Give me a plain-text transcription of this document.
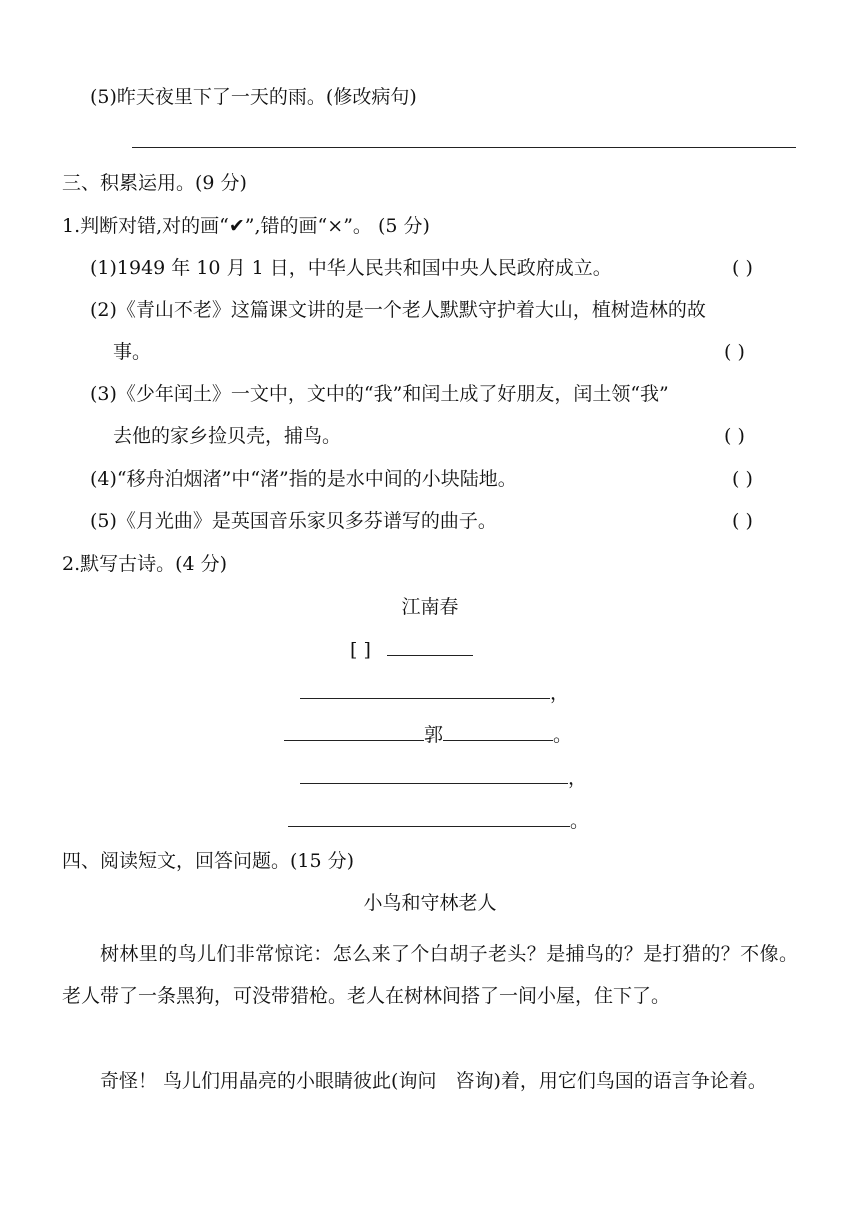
(5)昨天夜里下了一天的雨。(修改病句)
三、积累运用。(9 分)
1.判断对错,对的画“✔”,错的画“×”。 (5 分)
(1)1949 年 10 月 1 日，中华人民共和国中央人民政府成立。	( )
(2)《青山不老》这篇课文讲的是一个老人默默守护着大山，植树造林的故
事。	( )
(3)《少年闰土》一文中，文中的“我”和闰土成了好朋友，闰土领“我”
去他的家乡捡贝壳，捕鸟。	( )
(4)“移舟泊烟渚”中“渚”指的是水中间的小块陆地。	( )
(5)《月光曲》是英国音乐家贝多芬谱写的曲子。	( )
2.默写古诗。(4 分)
江南春
[ ]
，
郭	。
，
。
四、阅读短文，回答问题。(15 分)
小鸟和守林老人
树林里的鸟儿们非常惊诧：怎么来了个白胡子老头？是捕鸟的？是打猎的？不像。老人带了一条黑狗，可没带猎枪。老人在树林间搭了一间小屋，住下了。
奇怪！ 鸟儿们用晶亮的小眼睛彼此(询问　咨询)着，用它们鸟国的语言争论着。
